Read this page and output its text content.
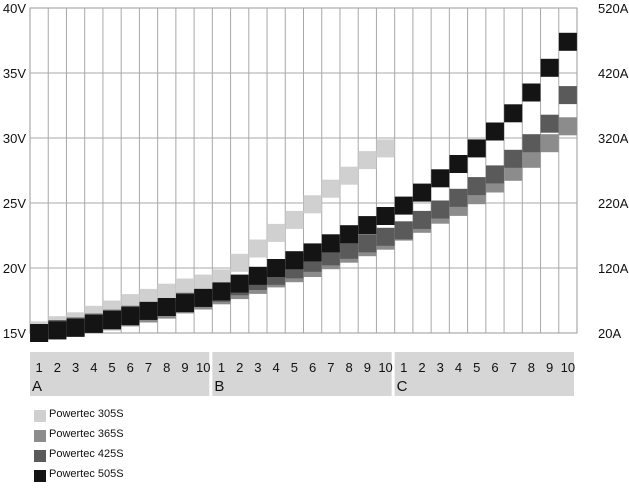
15V
20V
25V
30V
35V
40V
20A
120A
220A
320A
420A
520A
1 2 3 4 5 6 7 8 9 10
A
1 2 3 4 5 6 7 8 9 10
B
1 2 3 4 5 6 7 8 9 10
C
Powertec 305S
Powertec 365S
Powertec 425S
Powertec 505S
